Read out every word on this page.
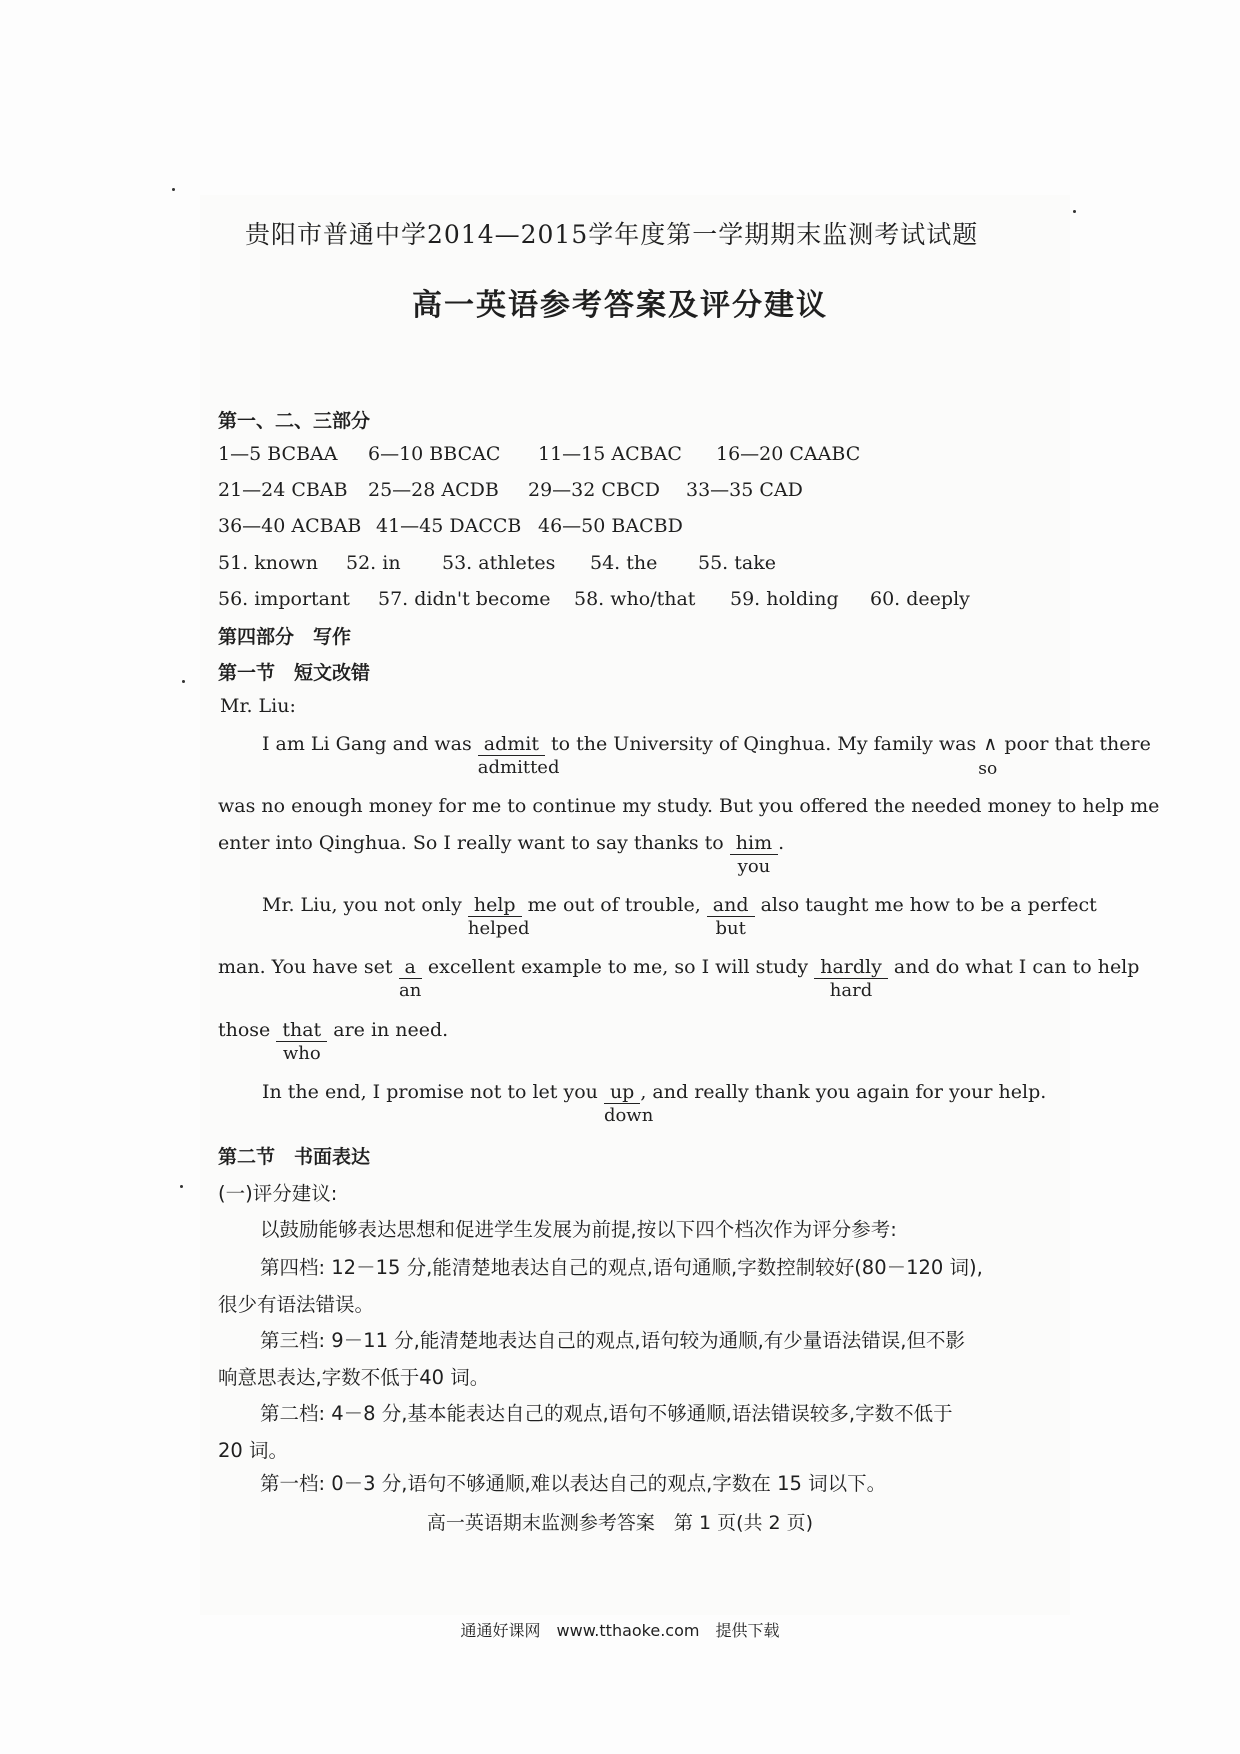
贵阳市普通中学2014—2015学年度第一学期期末监测考试试题
高一英语参考答案及评分建议
第一、二、三部分
1—5 BCBAA 6—10 BBCAC 11—15 ACBAC 16—20 CAABC
21—24 CBAB 25—28 ACDB 29—32 CBCD 33—35 CAD
36—40 ACBAB 41—45 DACCB 46—50 BACBD
51. known 52. in 53. athletes 54. the 55. take
56. important 57. didn't become 58. who/that 59. holding 60. deeply
第四部分　写作
第一节　短文改错
Mr. Liu:
I am Li Gang and was admit
admitted
to the University of Qinghua. My family was ∧
so
poor that there
was no enough money for me to continue my study. But you offered the needed money to help me
enter into Qinghua. So I really want to say thanks to him
you
.
Mr. Liu, you not only help
helped
me out of trouble, and
but
also taught me how to be a perfect
man. You have set $\frac{a}{an}$ excellent example to me, so I will study hardly
hard
and do what I can to help
those that
who
are in need.
In the end, I promise not to let you up
down
, and really thank you again for your help.
第二节　书面表达
(一)评分建议:
以鼓励能够表达思想和促进学生发展为前提,按以下四个档次作为评分参考:
第四档: 12－15 分,能清楚地表达自己的观点,语句通顺,字数控制较好(80－120 词),
很少有语法错误。
第三档: 9－11 分,能清楚地表达自己的观点,语句较为通顺,有少量语法错误,但不影
响意思表达,字数不低于40 词。
第二档: 4－8 分,基本能表达自己的观点,语句不够通顺,语法错误较多,字数不低于
20 词。
第一档: 0－3 分,语句不够通顺,难以表达自己的观点,字数在 15 词以下。
高一英语期末监测参考答案　第 1 页(共 2 页)
通通好课网　www.tthaoke.com　提供下载
